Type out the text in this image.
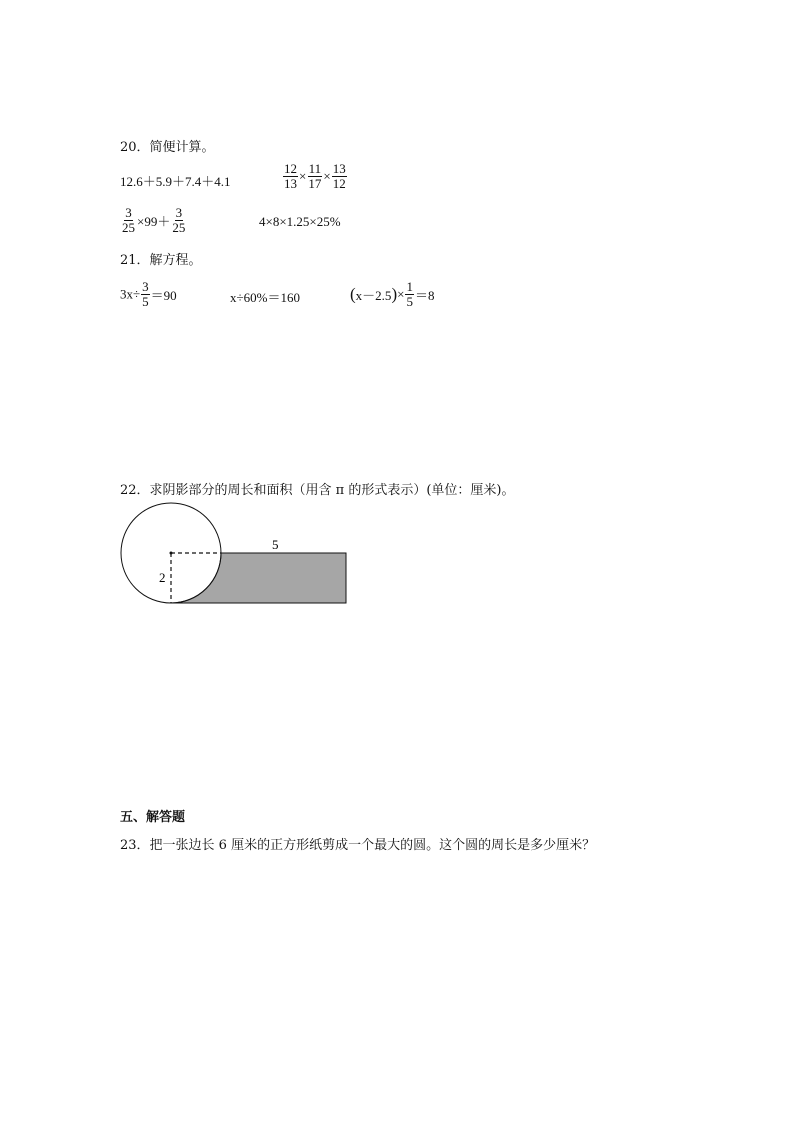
20．简便计算。
12.6＋5.9＋7.4＋4.1	$\frac{12}{13} \times \frac{11}{17} \times \frac{13}{12}$
$\frac{3}{25} \times 99+ \frac{3}{25}$	4×8×1.25×25%
21．解方程。
$3x\div \frac{3}{5} =90$	x÷60%＝160	$(x-2.5)\times \frac{1}{5} =8$
22．求阴影部分的周长和面积（用含 π 的形式表示）(单位：厘米)。
5
2
五、解答题
23．把一张边长 6 厘米的正方形纸剪成一个最大的圆。这个圆的周长是多少厘米？
